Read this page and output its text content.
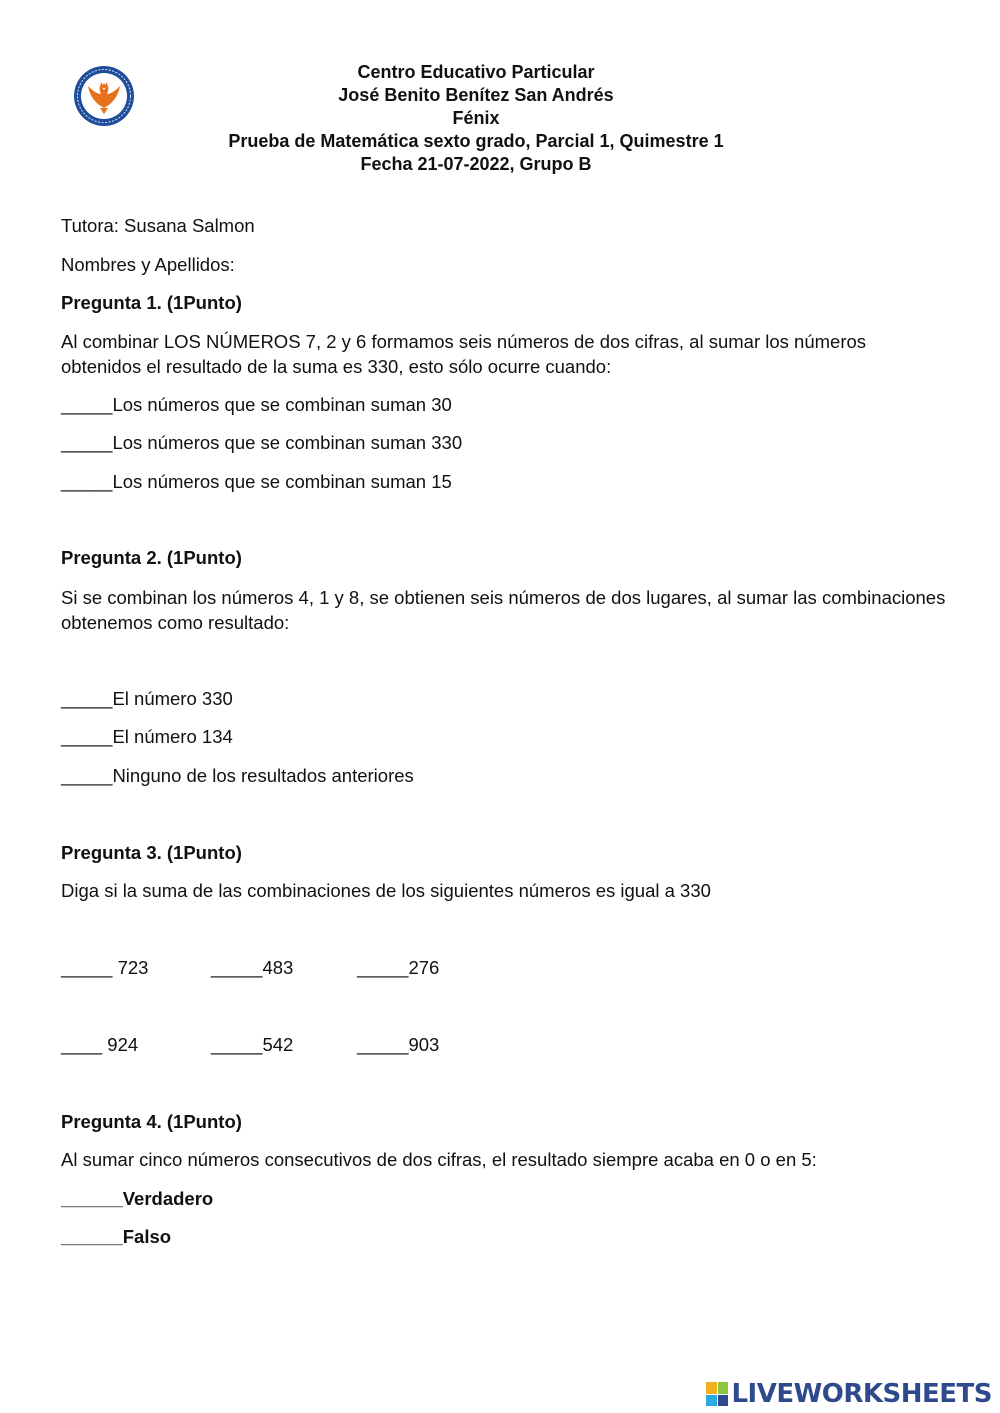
Centro Educativo Particular
José Benito Benítez San Andrés
Fénix
Prueba de Matemática sexto grado, Parcial 1, Quimestre 1
Fecha 21-07-2022, Grupo B
Tutora: Susana Salmon
Nombres y Apellidos:
Pregunta 1. (1Punto)
Al combinar LOS NÚMEROS 7, 2 y 6 formamos seis números de dos cifras, al sumar los números obtenidos el resultado de la suma es 330, esto sólo ocurre cuando:
_____Los números que se combinan suman 30
_____Los números que se combinan suman 330
_____Los números que se combinan suman 15
Pregunta 2. (1Punto)
Si se combinan los números 4, 1 y 8, se obtienen seis números de dos lugares, al sumar las combinaciones obtenemos como resultado:
_____El número 330
_____El número 134
_____Ninguno de los resultados anteriores
Pregunta 3. (1Punto)
Diga si la suma de las combinaciones de los siguientes números es igual a 330
_____ 723	_____483	_____276
____ 924	_____542	_____903
Pregunta 4. (1Punto)
Al sumar cinco números consecutivos de dos cifras, el resultado siempre acaba en 0 o en 5:
______Verdadero
______Falso
LIVEWORKSHEETS
